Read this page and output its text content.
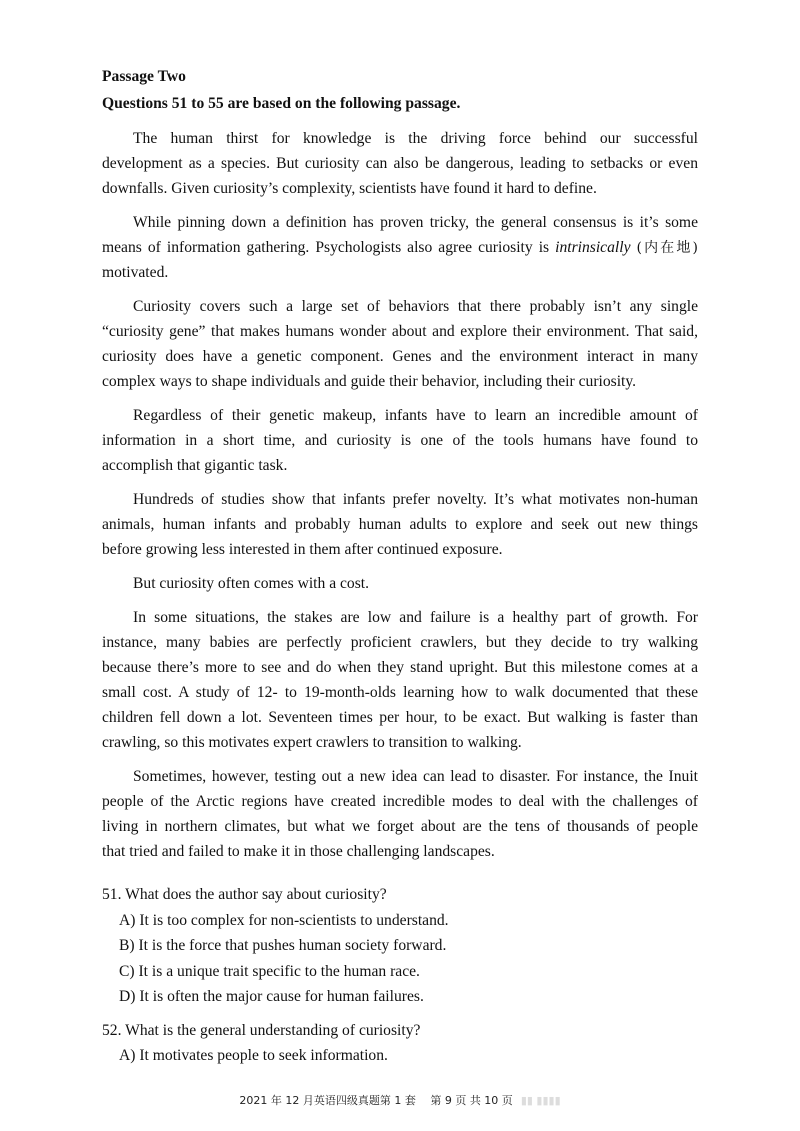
Passage Two
Questions 51 to 55 are based on the following passage.
The human thirst for knowledge is the driving force behind our successful
development as a species. But curiosity can also be dangerous, leading to setbacks or even
downfalls. Given curiosity’s complexity, scientists have found it hard to define.
While pinning down a definition has proven tricky, the general consensus is it’s some
means of information gathering. Psychologists also agree curiosity is intrinsically (内在地)
motivated.
Curiosity covers such a large set of behaviors that there probably isn’t any single
“curiosity gene” that makes humans wonder about and explore their environment. That said,
curiosity does have a genetic component. Genes and the environment interact in many
complex ways to shape individuals and guide their behavior, including their curiosity.
Regardless of their genetic makeup, infants have to learn an incredible amount of
information in a short time, and curiosity is one of the tools humans have found to
accomplish that gigantic task.
Hundreds of studies show that infants prefer novelty. It’s what motivates non-human
animals, human infants and probably human adults to explore and seek out new things
before growing less interested in them after continued exposure.
But curiosity often comes with a cost.
In some situations, the stakes are low and failure is a healthy part of growth. For
instance, many babies are perfectly proficient crawlers, but they decide to try walking
because there’s more to see and do when they stand upright. But this milestone comes at a
small cost. A study of 12- to 19-month-olds learning how to walk documented that these
children fell down a lot. Seventeen times per hour, to be exact. But walking is faster than
crawling, so this motivates expert crawlers to transition to walking.
Sometimes, however, testing out a new idea can lead to disaster. For instance, the Inuit
people of the Arctic regions have created incredible modes to deal with the challenges of
living in northern climates, but what we forget about are the tens of thousands of people
that tried and failed to make it in those challenging landscapes.
51. What does the author say about curiosity?
A) It is too complex for non-scientists to understand.
B) It is the force that pushes human society forward.
C) It is a unique trait specific to the human race.
D) It is often the major cause for human failures.
52. What is the general understanding of curiosity?
A) It motivates people to seek information.
2021 年 12 月英语四级真题第 1 套　 第 9 页 共 10 页 ▮▮ ▮▮▮▮
